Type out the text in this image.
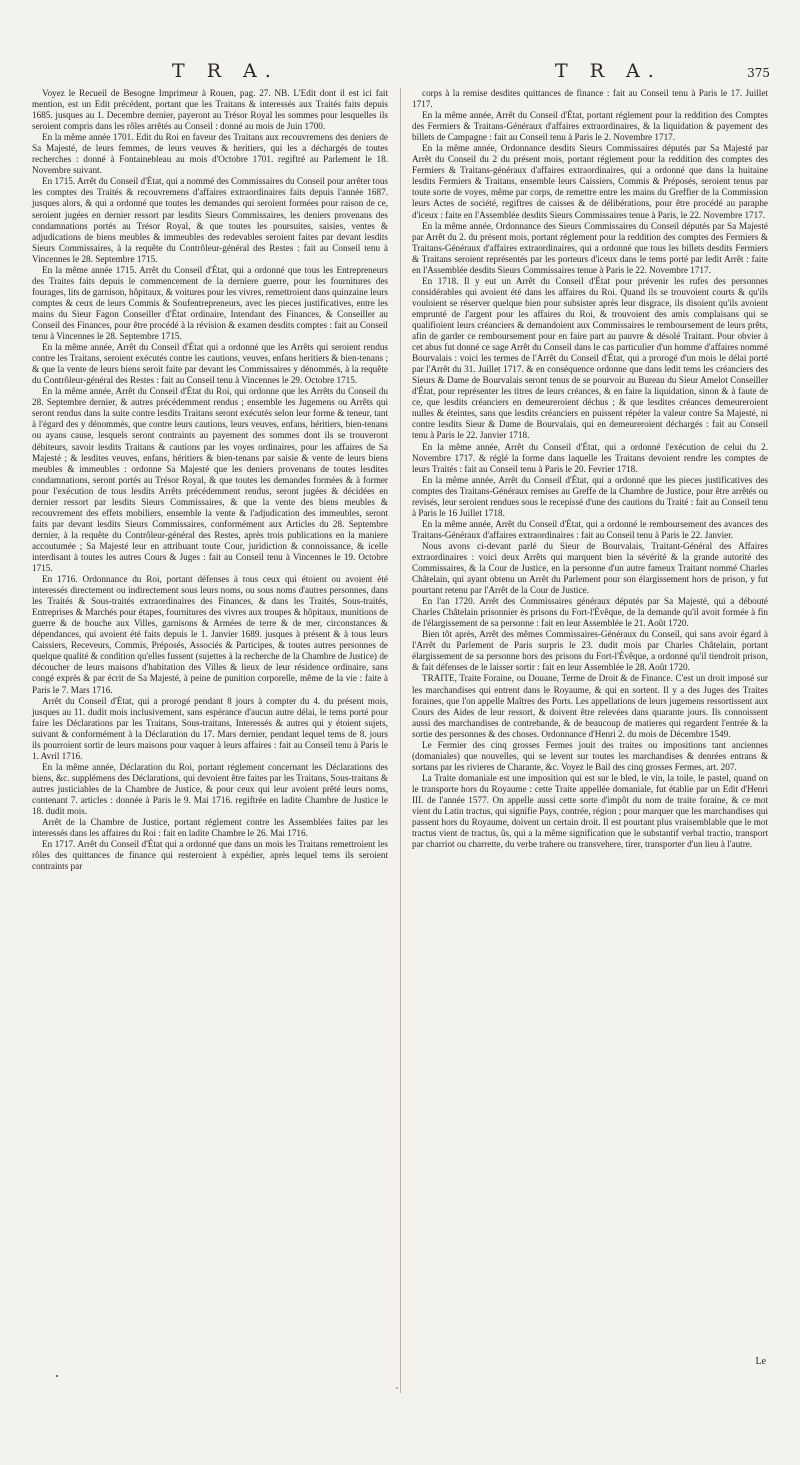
T R A.	T R A.	375

Voyez le Recueil de Besogne Imprimeur à Rouen, pag. 27. NB. L'Edit dont il est ici fait mention, est un Edit précédent, portant que les Traitans & interessés aux Traités faits depuis 1685. jusques au 1. Decembre dernier, payeront au Trésor Royal les sommes pour lesquelles ils seroient compris dans les rôles arrêtés au Conseil : donné au mois de Juin 1700.

En la même année 1701. Edit du Roi en faveur des Traitans aux recouvremens des deniers de Sa Majesté, de leurs femmes, de leurs veuves & heritiers, qui les a déchargés de toutes recherches : donné à Fontainebleau au mois d'Octobre 1701. regiftré au Parlement le 18. Novembre suivant.

En 1715. Arrêt du Conseil d'État, qui a nommé des Commissaires du Conseil pour arrêter tous les comptes des Traités & recouvremens d'affaires extraordinaires faits depuis l'année 1687. jusques alors, & qui a ordonné que toutes les demandes qui seroient formées pour raison de ce, seroient jugées en dernier ressort par lesdits Sieurs Commissaires, les deniers provenans des condamnations portés au Trésor Royal, & que toutes les poursuites, saisies, ventes & adjudications de biens meubles & immeubles des redevables seroient faites par devant lesdits Sieurs Commissaires, à la requête du Contrôleur-général des Restes : fait au Conseil tenu à Vincennes le 28. Septembre 1715.

En la même année 1715. Arrêt du Conseil d'État, qui a ordonné que tous les Entrepreneurs des Traites faits depuis le commencement de la derniere guerre, pour les fournitures des fourages, lits de garnison, hôpitaux, & voitures pour les vivres, remettroient dans quinzaine leurs comptes & ceux de leurs Commis & Soufentrepreneurs, avec les pieces justificatives, entre les mains du Sieur Fagon Conseiller d'État ordinaire, Intendant des Finances, & Conseiller au Conseil des Finances, pour être procédé à la révision & examen desdits comptes : fait au Conseil tenu à Vincennes le 28. Septembre 1715.

En la même année, Arrêt du Conseil d'État qui a ordonné que les Arrêts qui seroient rendus contre les Traitans, seroient exécutés contre les cautions, veuves, enfans heritiers & bien-tenans ; & que la vente de leurs biens seroit faite par devant les Commissaires y dénommés, à la requête du Contrôleur-général des Restes : fait au Conseil tenu à Vincennes le 29. Octobre 1715.

En la même année, Arrêt du Conseil d'État du Roi, qui ordonne que les Arrêts du Conseil du 28. Septembre dernier, & autres précédemment rendus ; ensemble les Jugemens ou Arrêts qui seront rendus dans la suite contre lesdits Traitans seront exécutés selon leur forme & teneur, tant à l'égard des y dénommés, que contre leurs cautions, leurs veuves, enfans, héritiers, bien-tenans ou ayans cause, lesquels seront contraints au payement des sommes dont ils se trouveront débiteurs, savoir lesdits Traitans & cautions par les voyes ordinaires, pour les affaires de Sa Majesté ; & lesdites veuves, enfans, héritiers & bien-tenans par saisie & vente de leurs biens meubles & immeubles : ordonne Sa Majesté que les deniers provenans de toutes lesdites condamnations, seront portés au Trésor Royal, & que toutes les demandes formées & à former pour l'exécution de tous lesdits Arrêts précédemment rendus, seront jugées & décidées en dernier ressort par lesdits Sieurs Commissaires, & que la vente des biens meubles & recouvrement des effets mobiliers, ensemble la vente & l'adjudication des immeubles, seront faits par devant lesdits Sieurs Commissaires, conformément aux Articles du 28. Septembre dernier, à la requête du Contrôleur-général des Restes, après trois publications en la maniere accoutumée ; Sa Majesté leur en attribuant toute Cour, juridiction & connoissance, & icelle interdisant à toutes les autres Cours & Juges : fait au Conseil tenu à Vincennes le 19. Octobre 1715.

En 1716. Ordonnance du Roi, portant défenses à tous ceux qui étoient ou avoient été interessés directement ou indirectement sous leurs noms, ou sous noms d'autres personnes, dans les Traités & Sous-traités extraordinaires des Finances, & dans les Traités, Sous-traités, Entreprises & Marchés pour étapes, fournitures des vivres aux troupes & hôpitaux, munitions de guerre & de bouche aux Villes, garnisons & Armées de terre & de mer, circonstances & dépendances, qui avoient été faits depuis le 1. Janvier 1689. jusques à présent & à tous leurs Caissiers, Receveurs, Commis, Préposés, Associés & Participes, & toutes autres personnes de quelque qualité & condition qu'elles fussent (sujettes à la recherche de la Chambre de Justice) de découcher de leurs maisons d'habitation des Villes & lieux de leur résidence ordinaire, sans congé exprès & par écrit de Sa Majesté, à peine de punition corporelle, même de la vie : faite à Paris le 7. Mars 1716.

Arrêt du Conseil d'État, qui a prorogé pendant 8 jours à compter du 4. du présent mois, jusques au 11. dudit mois inclusivement, sans espérance d'aucun autre délai, le tems porté pour faire les Déclarations par les Traitans, Sous-traitans, Interessés & autres qui y étoient sujets, suivant & conformément à la Déclaration du 17. Mars dernier, pendant lequel tems de 8. jours ils pourroient sortir de leurs maisons pour vaquer à leurs affaires : fait au Conseil tenu à Paris le 1. Avril 1716.

En la même année, Déclaration du Roi, portant réglement concernant les Déclarations des biens, &c. supplémens des Déclarations, qui devoient être faites par les Traitans, Sous-traitans & autres justiciables de la Chambre de Justice, & pour ceux qui leur avoient prêté leurs noms, contenant 7. articles : donnée à Paris le 9. Mai 1716. regiftrée en ladite Chambre de Justice le 18. dudit mois.

Arrêt de la Chambre de Justice, portant réglement contre les Assemblées faites par les interessés dans les affaires du Roi : fait en ladite Chambre le 26. Mai 1716.

En 1717. Arrêt du Conseil d'État qui a ordonné que dans un mois les Traitans remettroient les rôles des quittances de finance qui resteroient à expédier, après lequel tems ils seroient contraints par

corps à la remise desdites quittances de finance : fait au Conseil tenu à Paris le 17. Juillet 1717.

En la même année, Arrêt du Conseil d'État, portant réglement pour la reddition des Comptes des Fermiers & Traitans-Généraux d'affaires extraordinaires, & la liquidation & payement des billets de Campagne : fait au Conseil tenu à Paris le 2. Novembre 1717.

En la même année, Ordonnance desdits Sieurs Commissaires députés par Sa Majesté par Arrêt du Conseil du 2 du présent mois, portant réglement pour la reddition des comptes des Fermiers & Traitans-généraux d'affaires extraordinaires, qui a ordonné que dans la huitaine lesdits Fermiers & Traitans, ensemble leurs Caissiers, Commis & Préposés, seroient tenus par toute sorte de voyes, même par corps, de remettre entre les mains du Greffier de la Commission leurs Actes de société, regiftres de caisses & de délibérations, pour être procédé au paraphe d'iceux : faite en l'Assemblée desdits Sieurs Commissaires tenue à Paris, le 22. Novembre 1717.

En la même année, Ordonnance des Sieurs Commissaires du Conseil députés par Sa Majesté par Arrêt du 2. du présent mois, portant réglement pour la reddition des comptes des Fermiers & Traitans-Généraux d'affaires extraordinaires, qui a ordonné que tous les billets desdits Fermiers & Traitans seroient représentés par les porteurs d'iceux dans le tems porté par ledit Arrêt : faite en l'Assemblée desdits Sieurs Commissaires tenue à Paris le 22. Novembre 1717.

En 1718. Il y eut un Arrêt du Conseil d'État pour prévenir les rufes des personnes considérables qui avoient été dans les affaires du Roi. Quand ils se trouvoient courts & qu'ils vouloient se réserver quelque bien pour subsister après leur disgrace, ils disoient qu'ils avoient emprunté de l'argent pour les affaires du Roi, & trouvoient des amis complaisans qui se qualifioient leurs créanciers & demandoient aux Commissaires le remboursement de leurs prêts, afin de garder ce remboursement pour en faire part au pauvre & désolé Traitant. Pour obvier à cet abus fut donné ce sage Arrêt du Conseil dans le cas particulier d'un homme d'affaires nommé Bourvalais : voici les termes de l'Arrêt du Conseil d'État, qui a prorogé d'un mois le délai porté par l'Arrêt du 31. Juillet 1717. & en conséquence ordonne que dans ledit tems les créanciers des Sieurs & Dame de Bourvalais seront tenus de se pourvoir au Bureau du Sieur Amelot Conseiller d'État, pour représenter les titres de leurs créances, & en faire la liquidation, sinon & à faute de ce, que lesdits créanciers en demeureroient déchus ; & que lesdites créances demeureroient nulles & éteintes, sans que lesdits créanciers en puissent répéter la valeur contre Sa Majesté, ni contre lesdits Sieur & Dame de Bourvalais, qui en demeureroient déchargés : fait au Conseil tenu à Paris le 22. Janvier 1718.

En la même année, Arrêt du Conseil d'État, qui a ordonné l'exécution de celui du 2. Novembre 1717. & réglé la forme dans laquelle les Traitans devoient rendre les comptes de leurs Traités : fait au Conseil tenu à Paris le 20. Fevrier 1718.

En la même année, Arrêt du Conseil d'État, qui a ordonné que les pieces justificatives des comptes des Traitans-Généraux remises au Greffe de la Chambre de Justice, pour être arrêtés ou revisés, leur seroient rendues sous le recepissé d'une des cautions du Traité : fait au Conseil tenu à Paris le 16 Juillet 1718.

En la même année, Arrêt du Conseil d'État, qui a ordonné le remboursement des avances des Traitans-Généraux d'affaires extraordinaires : fait au Conseil tenu à Paris le 22. Janvier.

Nous avons ci-devant parlé du Sieur de Bourvalais, Traitant-Général des Affaires extraordinaires : voici deux Arrêts qui marquent bien la sévérité & la grande autorité des Commissaires, & la Cour de Justice, en la personne d'un autre fameux Traitant nommé Charles Châtelain, qui ayant obtenu un Arrêt du Parlement pour son élargissement hors de prison, y fut pourtant retenu par l'Arrêt de la Cour de Justice.

En l'an 1720. Arrêt des Commissaires généraux députés par Sa Majesté, qui a débouté Charles Châtelain prisonnier ès prisons du Fort-l'Évêque, de la demande qu'il avoit formée à fin de l'élargissement de sa personne : fait en leur Assemblée le 21. Août 1720.

Bien tôt après, Arrêt des mêmes Commissaires-Généraux du Conseil, qui sans avoir égard à l'Arrêt du Parlement de Paris surpris le 23. dudit mois par Charles Châtelain, portant élargissement de sa personne hors des prisons du Fort-l'Évêque, a ordonné qu'il tiendroit prison, & fait défenses de le laisser sortir : fait en leur Assemblée le 28. Août 1720.

TRAITE, Traite Foraine, ou Douane, Terme de Droit & de Finance. C'est un droit imposé sur les marchandises qui entrent dans le Royaume, & qui en sortent. Il y a des Juges des Traites foraines, que l'on appelle Maîtres des Ports. Les appellations de leurs jugemens ressortissent aux Cours des Aides de leur ressort, & doivent être relevées dans quarante jours. Ils connoissent aussi des marchandises de contrebande, & de beaucoup de matieres qui regardent l'entrée & la sortie des personnes & des choses. Ordonnance d'Henri 2. du mois de Décembre 1549.

Le Fermier des cinq grosses Fermes jouit des traites ou impositions tant anciennes (domaniales) que nouvelles, qui se levent sur toutes les marchandises & denrées entrans & sortans par les rivieres de Charante, &c. Voyez le Bail des cinq grosses Fermes, art. 207.

La Traite domaniale est une imposition qui est sur le bled, le vin, la toile, le pastel, quand on le transporte hors du Royaume : cette Traite appellée domaniale, fut établie par un Edit d'Henri III. de l'année 1577. On appelle aussi cette sorte d'impôt du nom de traite foraine, & ce mot vient du Latin tractus, qui signifie Pays, contrée, région ; pour marquer que les marchandises qui passent hors du Royaume, doivent un certain droit. Il est pourtant plus vraisemblable que le mot tractus vient de tractus, ûs, qui a la même signification que le substantif verbal tractio, transport par charriot ou charrette, du verbe trahere ou transvehere, tirer, transporter d'un lieu à l'autre.

Le
